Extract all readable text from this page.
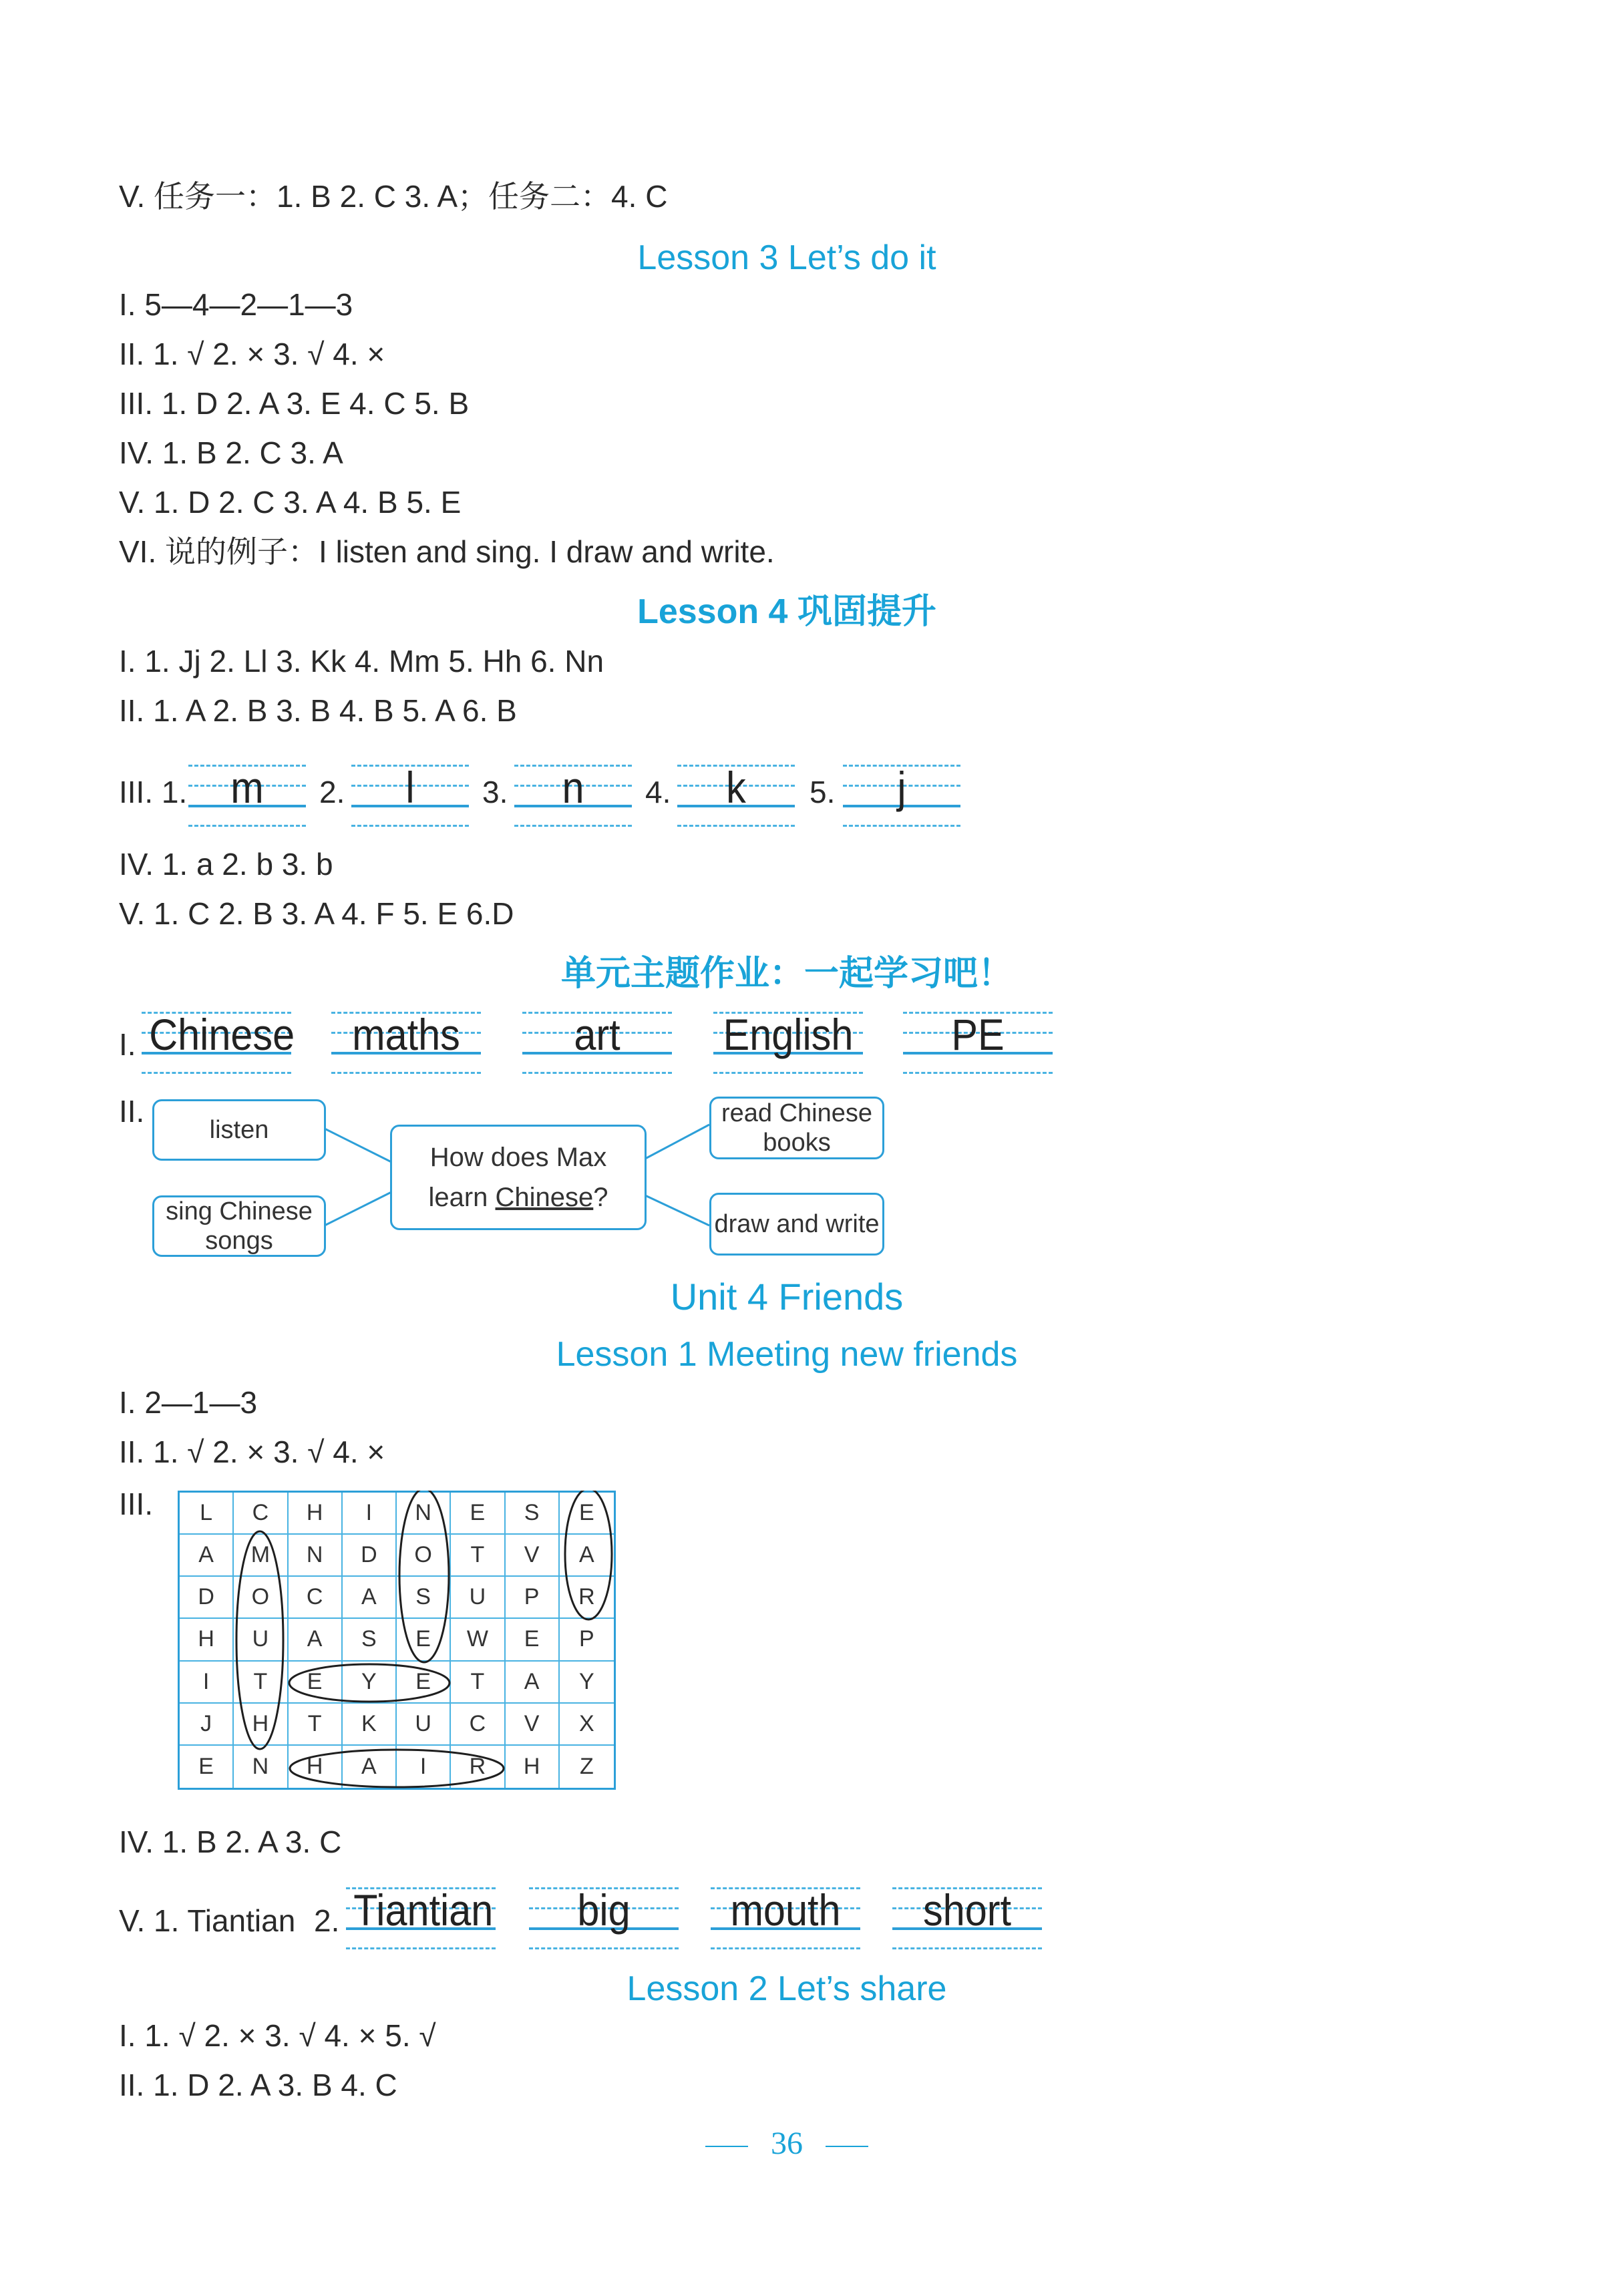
V. 任务一：1. B 2. C 3. A；任务二：4. C
Lesson 3 Let’s do it
I. 5—4—2—1—3
II. 1. √ 2. × 3. √ 4. ×
III. 1. D 2. A 3. E 4. C 5. B
IV. 1. B 2. C 3. A
V. 1. D 2. C 3. A 4. B 5. E
VI. 说的例子：I listen and sing. I draw and write.
Lesson 4 巩固提升
I. 1. Jj 2. Ll 3. Kk 4. Mm 5. Hh 6. Nn
II. 1. A 2. B 3. B 4. B 5. A 6. B
III. 1. m	2.	l	3.	n	4.	k	5.	j
IV. 1. a 2. b 3. b
V. 1. C 2. B 3. A 4. F 5. E 6.D
单元主题作业：一起学习吧！
I. Chinese	maths	art	English	PE
II.
listen
sing Chinese
songs
How does Max
learn Chinese?
read Chinese
books
draw and write
Unit 4 Friends
Lesson 1 Meeting new friends
I. 2—1—3
II. 1. √ 2. × 3. √ 4. ×
III.	L	C	H	I	N	E	S	E
A	M	N	D	O	T	V	A
D	O	C	A	S	U	P	R
H	U	A	S	E	W	E	P
I	T	E	Y	E	T	A	Y
J	H	T	K	U	C	V	X
E	N	H	A	I	R	H	Z
IV. 1. B 2. A 3. C
V. 1. Tiantian 2. Tiantian	big	mouth	short
Lesson 2 Let’s share
I. 1. √ 2. × 3. √ 4. × 5. √
II. 1. D 2. A 3. B 4. C
36
